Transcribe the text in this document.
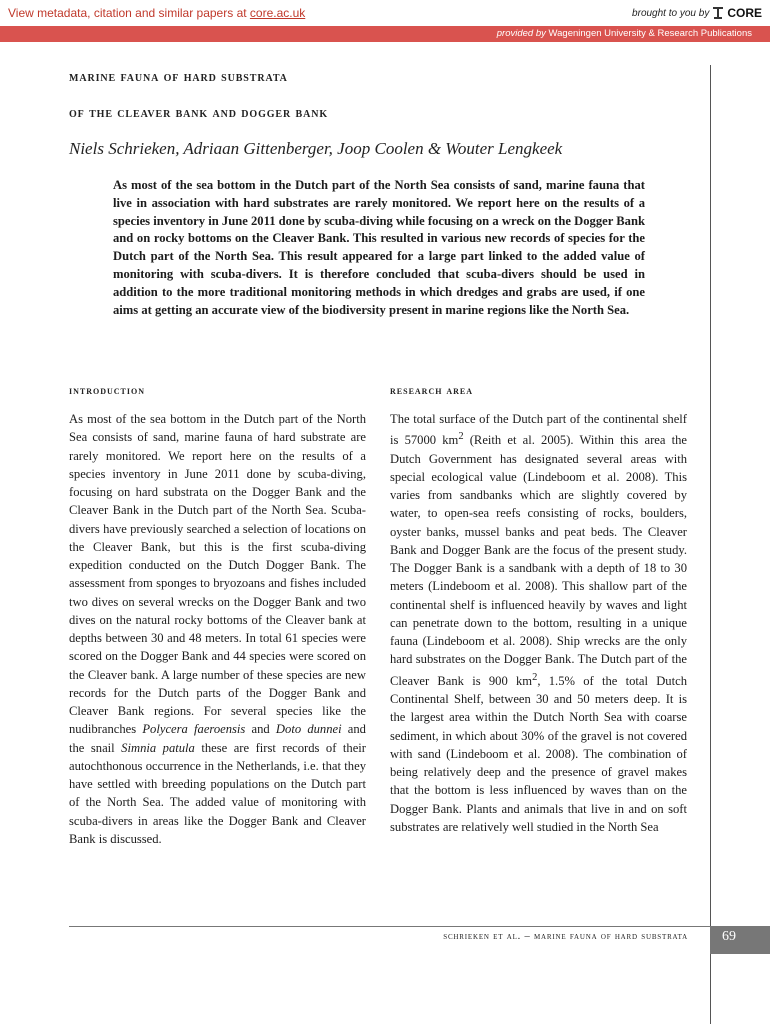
View metadata, citation and similar papers at core.ac.uk	brought to you by CORE
provided by Wageningen University & Research Publications
marine fauna of hard substrata
of the cleaver bank and dogger bank
Niels Schrieken, Adriaan Gittenberger, Joop Coolen & Wouter Lengkeek
As most of the sea bottom in the Dutch part of the North Sea consists of sand, marine fauna that live in association with hard substrates are rarely monitored. We report here on the results of a species inventory in June 2011 done by scuba-diving while focusing on a wreck on the Dogger Bank and on rocky bottoms on the Cleaver Bank. This resulted in various new records of species for the Dutch part of the North Sea. This result appeared for a large part linked to the added value of monitoring with scuba-divers. It is therefore concluded that scuba-divers should be used in addition to the more traditional monitoring methods in which dredges and grabs are used, if one aims at getting an accurate view of the biodiversity present in marine regions like the North Sea.
introduction	research area
As most of the sea bottom in the Dutch part of the North Sea consists of sand, marine fauna of hard substrate are rarely monitored. We report here on the results of a species inventory in June 2011 done by scuba-diving, focusing on hard substrata on the Dogger Bank and the Cleaver Bank in the Dutch part of the North Sea. Scuba-divers have previously searched a selection of locations on the Cleaver Bank, but this is the first scuba-diving expedition conducted on the Dutch Dogger Bank. The assessment from sponges to bryozoans and fishes included two dives on several wrecks on the Dogger Bank and two dives on the natural rocky bottoms of the Cleaver bank at depths between 30 and 48 meters. In total 61 species were scored on the Dogger Bank and 44 species were scored on the Cleaver bank. A large number of these species are new records for the Dutch parts of the Dogger Bank and Cleaver Bank regions. For several species like the nudibranches Polycera faeroensis and Doto dunnei and the snail Simnia patula these are first records of their autochthonous occurrence in the Netherlands, i.e. that they have settled with breeding populations on the Dutch part of the North Sea. The added value of monitoring with scuba-divers in areas like the Dogger Bank and Cleaver Bank is discussed.
The total surface of the Dutch part of the continental shelf is 57000 $km^2$ (Reith et al. 2005). Within this area the Dutch Government has designated several areas with special ecological value (Lindeboom et al. 2008). This varies from sandbanks which are slightly covered by water, to open-sea reefs consisting of rocks, boulders, oyster banks, mussel banks and peat beds. The Cleaver Bank and Dogger Bank are the focus of the present study. The Dogger Bank is a sandbank with a depth of 18 to 30 meters (Lindeboom et al. 2008). This shallow part of the continental shelf is influenced heavily by waves and light can penetrate down to the bottom, resulting in a unique fauna (Lindeboom et al. 2008). Ship wrecks are the only hard substrates on the Dogger Bank. The Dutch part of the Cleaver Bank is 900 $km^2$, 1.5% of the total Dutch Continental Shelf, between 30 and 50 meters deep. It is the largest area within the Dutch North Sea with coarse sediment, in which about 30% of the gravel is not covered with sand (Lindeboom et al. 2008). The combination of being relatively deep and the presence of gravel makes that the bottom is less influenced by waves than on the Dogger Bank. Plants and animals that live in and on soft substrates are relatively well studied in the North Sea
schrieken et al. – marine fauna of hard substrata	69
